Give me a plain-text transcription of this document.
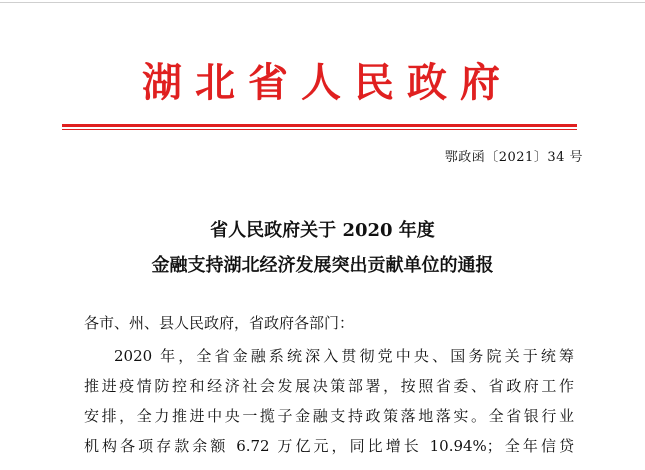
湖北省人民政府
鄂政函〔2021〕34 号
省人民政府关于 2020 年度
金融支持湖北经济发展突出贡献单位的通报
各市、州、县人民政府，省政府各部门：
2020 年，全省金融系统深入贯彻党中央、国务院关于统筹
推进疫情防控和经济社会发展决策部署，按照省委、省政府工作
安排，全力推进中央一揽子金融支持政策落地落实。全省银行业
机构各项存款余额 6.72 万亿元，同比增长 10.94%；全年信贷
